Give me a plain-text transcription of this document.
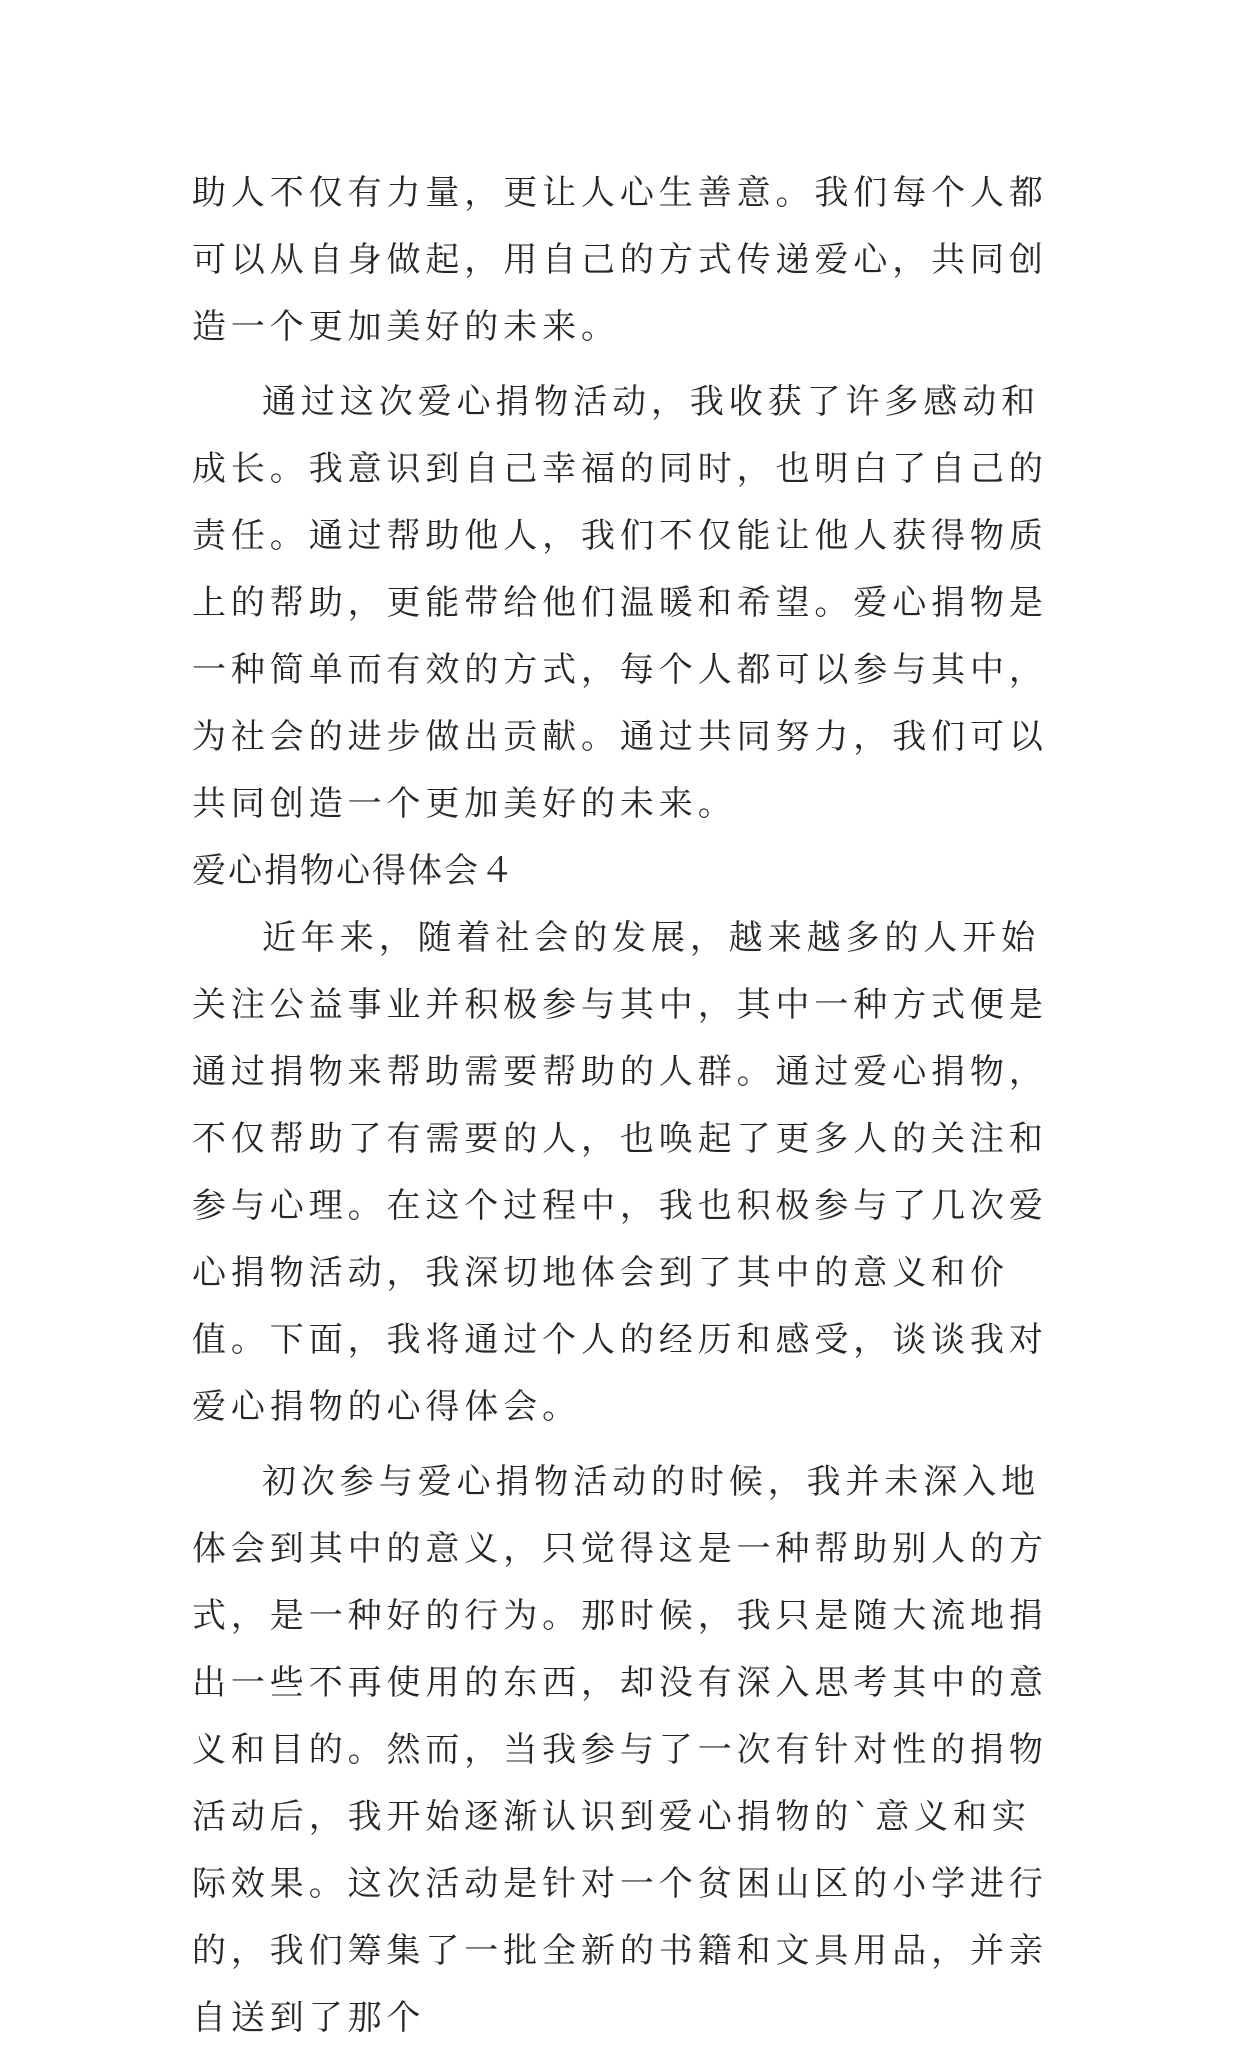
助人不仅有力量，更让人心生善意。我们每个人都可以从自身做起，用自己的方式传递爱心，共同创造一个更加美好的未来。

通过这次爱心捐物活动，我收获了许多感动和成长。我意识到自己幸福的同时，也明白了自己的责任。通过帮助他人，我们不仅能让他人获得物质上的帮助，更能带给他们温暖和希望。爱心捐物是一种简单而有效的方式，每个人都可以参与其中，为社会的进步做出贡献。通过共同努力，我们可以共同创造一个更加美好的未来。

爱心捐物心得体会４

近年来，随着社会的发展，越来越多的人开始关注公益事业并积极参与其中，其中一种方式便是通过捐物来帮助需要帮助的人群。通过爱心捐物，不仅帮助了有需要的人，也唤起了更多人的关注和参与心理。在这个过程中，我也积极参与了几次爱心捐物活动，我深切地体会到了其中的意义和价值。下面，我将通过个人的经历和感受，谈谈我对爱心捐物的心得体会。

初次参与爱心捐物活动的时候，我并未深入地体会到其中的意义，只觉得这是一种帮助别人的方式，是一种好的行为。那时候，我只是随大流地捐出一些不再使用的东西，却没有深入思考其中的意义和目的。然而，当我参与了一次有针对性的捐物活动后，我开始逐渐认识到爱心捐物的`意义和实际效果。这次活动是针对一个贫困山区的小学进行的，我们筹集了一批全新的书籍和文具用品，并亲自送到了那个
